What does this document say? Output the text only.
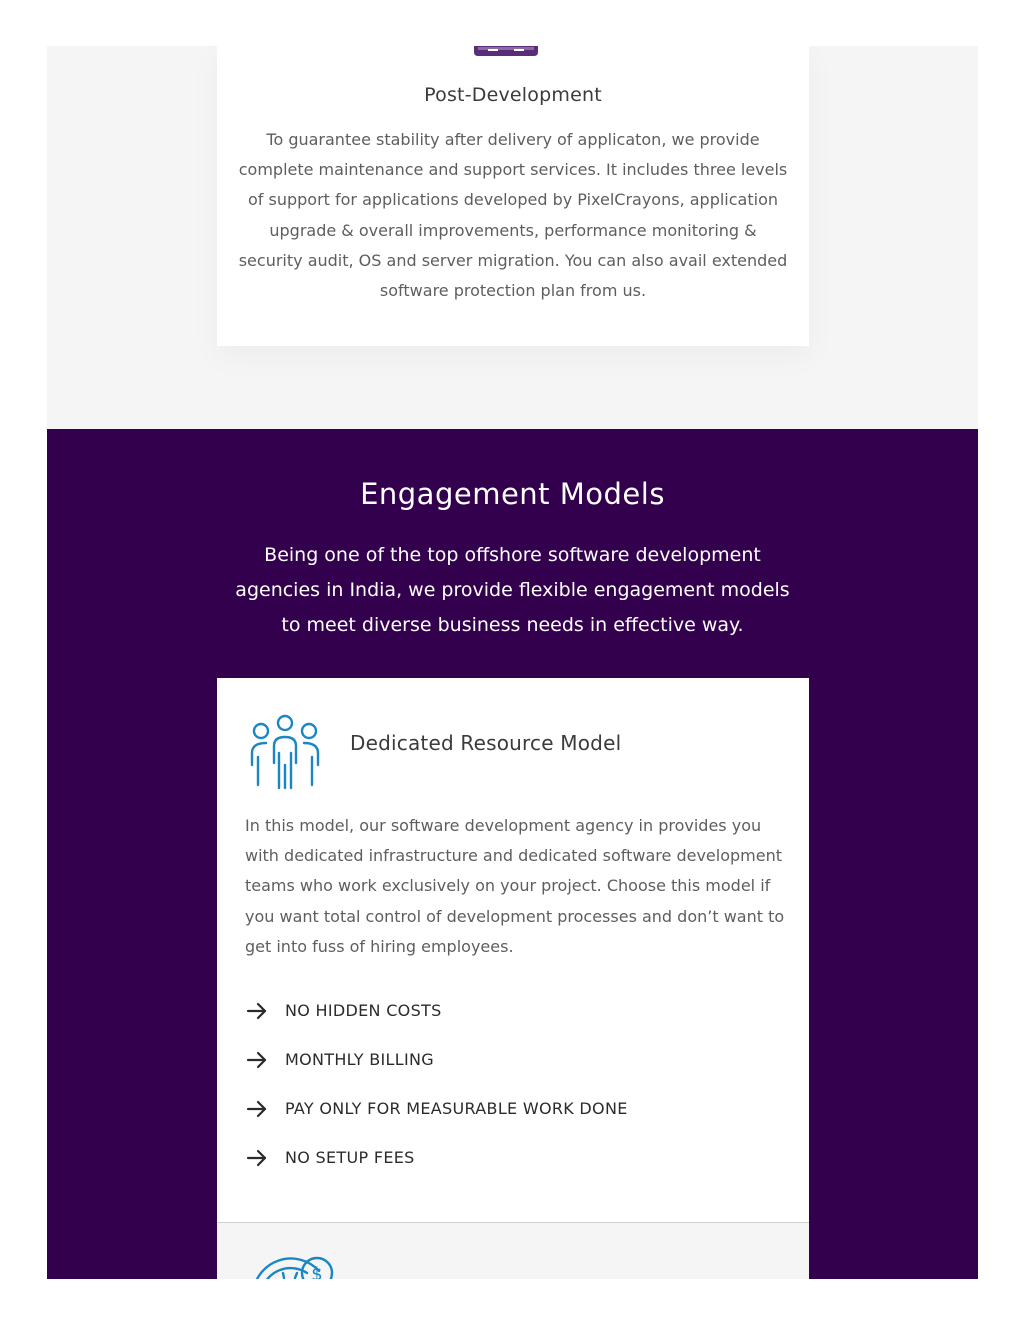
Post-Development
To guarantee stability after delivery of applicaton, we provide complete maintenance and support services. It includes three levels of support for applications developed by PixelCrayons, application upgrade & overall improvements, performance monitoring & security audit, OS and server migration. You can also avail extended software protection plan from us.
Engagement Models
Being one of the top offshore software development agencies in India, we provide flexible engagement models to meet diverse business needs in effective way.
Dedicated Resource Model
In this model, our software development agency in provides you with dedicated infrastructure and dedicated software development teams who work exclusively on your project. Choose this model if you want total control of development processes and don’t want to get into fuss of hiring employees.
NO HIDDEN COSTS
MONTHLY BILLING
PAY ONLY FOR MEASURABLE WORK DONE
NO SETUP FEES
$
